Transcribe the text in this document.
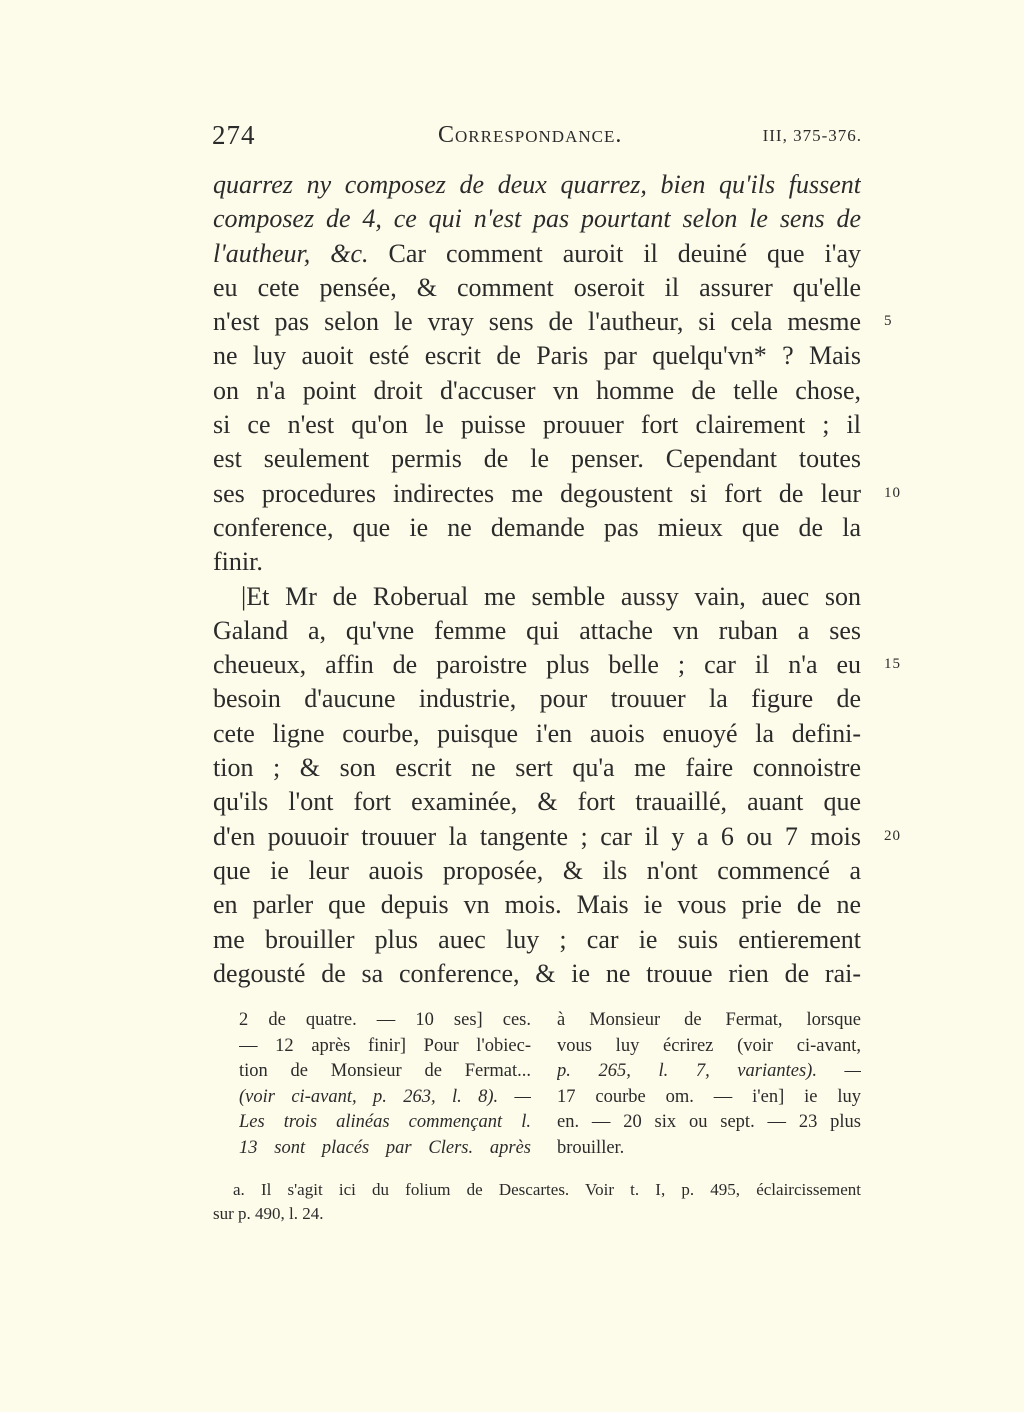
274	Correspondance.	III, 375-376.
quarrez ny composez de deux quarrez, bien qu'ils fussent
composez de 4, ce qui n'est pas pourtant selon le sens de
l'autheur, &c. Car comment auroit il deuiné que i'ay
eu cete pensée, & comment oseroit il assurer qu'elle
n'est pas selon le vray sens de l'autheur, si cela mesme
ne luy auoit esté escrit de Paris par quelqu'vn* ? Mais
on n'a point droit d'accuser vn homme de telle chose,
si ce n'est qu'on le puisse prouuer fort clairement ; il
est seulement permis de le penser. Cependant toutes
ses procedures indirectes me degoustent si fort de leur
conference, que ie ne demande pas mieux que de la
finir.
|Et Mr de Roberual me semble aussy vain, auec son
Galand a, qu'vne femme qui attache vn ruban a ses
cheueux, affin de paroistre plus belle ; car il n'a eu
besoin d'aucune industrie, pour trouuer la figure de
cete ligne courbe, puisque i'en auois enuoyé la defini-
tion ; & son escrit ne sert qu'a me faire connoistre
qu'ils l'ont fort examinée, & fort trauaillé, auant que
d'en pouuoir trouuer la tangente ; car il y a 6 ou 7 mois
que ie leur auois proposée, & ils n'ont commencé a
en parler que depuis vn mois. Mais ie vous prie de ne
me brouiller plus auec luy ; car ie suis entierement
degousté de sa conference, & ie ne trouue rien de rai-
5
10
15
20
2 de quatre. — 10 ses] ces.
— 12 après finir] Pour l'obiec-
tion de Monsieur de Fermat...
(voir ci-avant, p. 263, l. 8). —
Les trois alinéas commençant l.
13 sont placés par Clers. après
à Monsieur de Fermat, lorsque
vous luy écrirez (voir ci-avant,
p. 265, l. 7, variantes). —
17 courbe om. — i'en] ie luy
en. — 20 six ou sept. — 23 plus
brouiller.
a. Il s'agit ici du folium de Descartes. Voir t. I, p. 495, éclaircissement
sur p. 490, l. 24.
